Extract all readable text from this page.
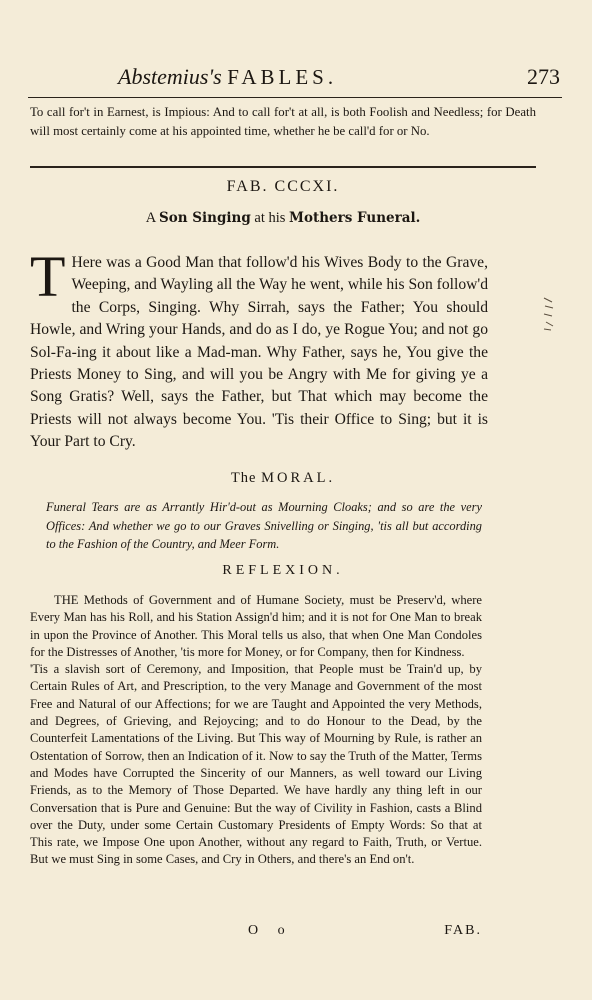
Abstemius's FABLES.	273
To call for't in Earnest, is Impious: And to call for't at all, is both Foolish and Needless; for Death will most certainly come at his appointed time, whether he be call'd for or No.
FAB. CCCXI.
A Son Singing at his Mothers Funeral.
T Here was a Good Man that follow'd his Wives Body to the Grave, Weeping, and Wayling all the Way he went, while his Son follow'd the Corps, Singing. Why Sirrah, says the Father; You should Howle, and Wring your Hands, and do as I do, ye Rogue You; and not go Sol-Fa-ing it about like a Mad-man. Why Father, says he, You give the Priests Money to Sing, and will you be Angry with Me for giving ye a Song Gratis? Well, says the Father, but That which may become the Priests will not always become You. 'Tis their Office to Sing; but it is Your Part to Cry.
The MORAL.
Funeral Tears are as Arrantly Hir'd-out as Mourning Cloaks; and so are the very Offices: And whether we go to our Graves Snivelling or Singing, 'tis all but according to the Fashion of the Country, and Meer Form.
REFLEXION.

THE Methods of Government and of Humane Society, must be Preserv'd, where Every Man has his Roll, and his Station Assign'd him; and it is not for One Man to break in upon the Province of Another. This Moral tells us also, that when One Man Condoles for the Distresses of Another, 'tis more for Money, or for Company, then for Kindness.

'Tis a slavish sort of Ceremony, and Imposition, that People must be Train'd up, by Certain Rules of Art, and Prescription, to the very Manage and Government of the most Free and Natural of our Affections; for we are Taught and Appointed the very Methods, and Degrees, of Grieving, and Rejoycing; and to do Honour to the Dead, by the Counterfeit Lamentations of the Living. But This way of Mourning by Rule, is rather an Ostentation of Sorrow, then an Indication of it. Now to say the Truth of the Matter, Terms and Modes have Corrupted the Sincerity of our Manners, as well toward our Living Friends, as to the Memory of Those Departed. We have hardly any thing left in our Conversation that is Pure and Genuine: But the way of Civility in Fashion, casts a Blind over the Duty, under some Certain Customary Presidents of Empty Words: So that at This rate, we Impose One upon Another, without any regard to Faith, Truth, or Vertue. But we must Sing in some Cases, and Cry in Others, and there's an End on't.

O o	FAB.
